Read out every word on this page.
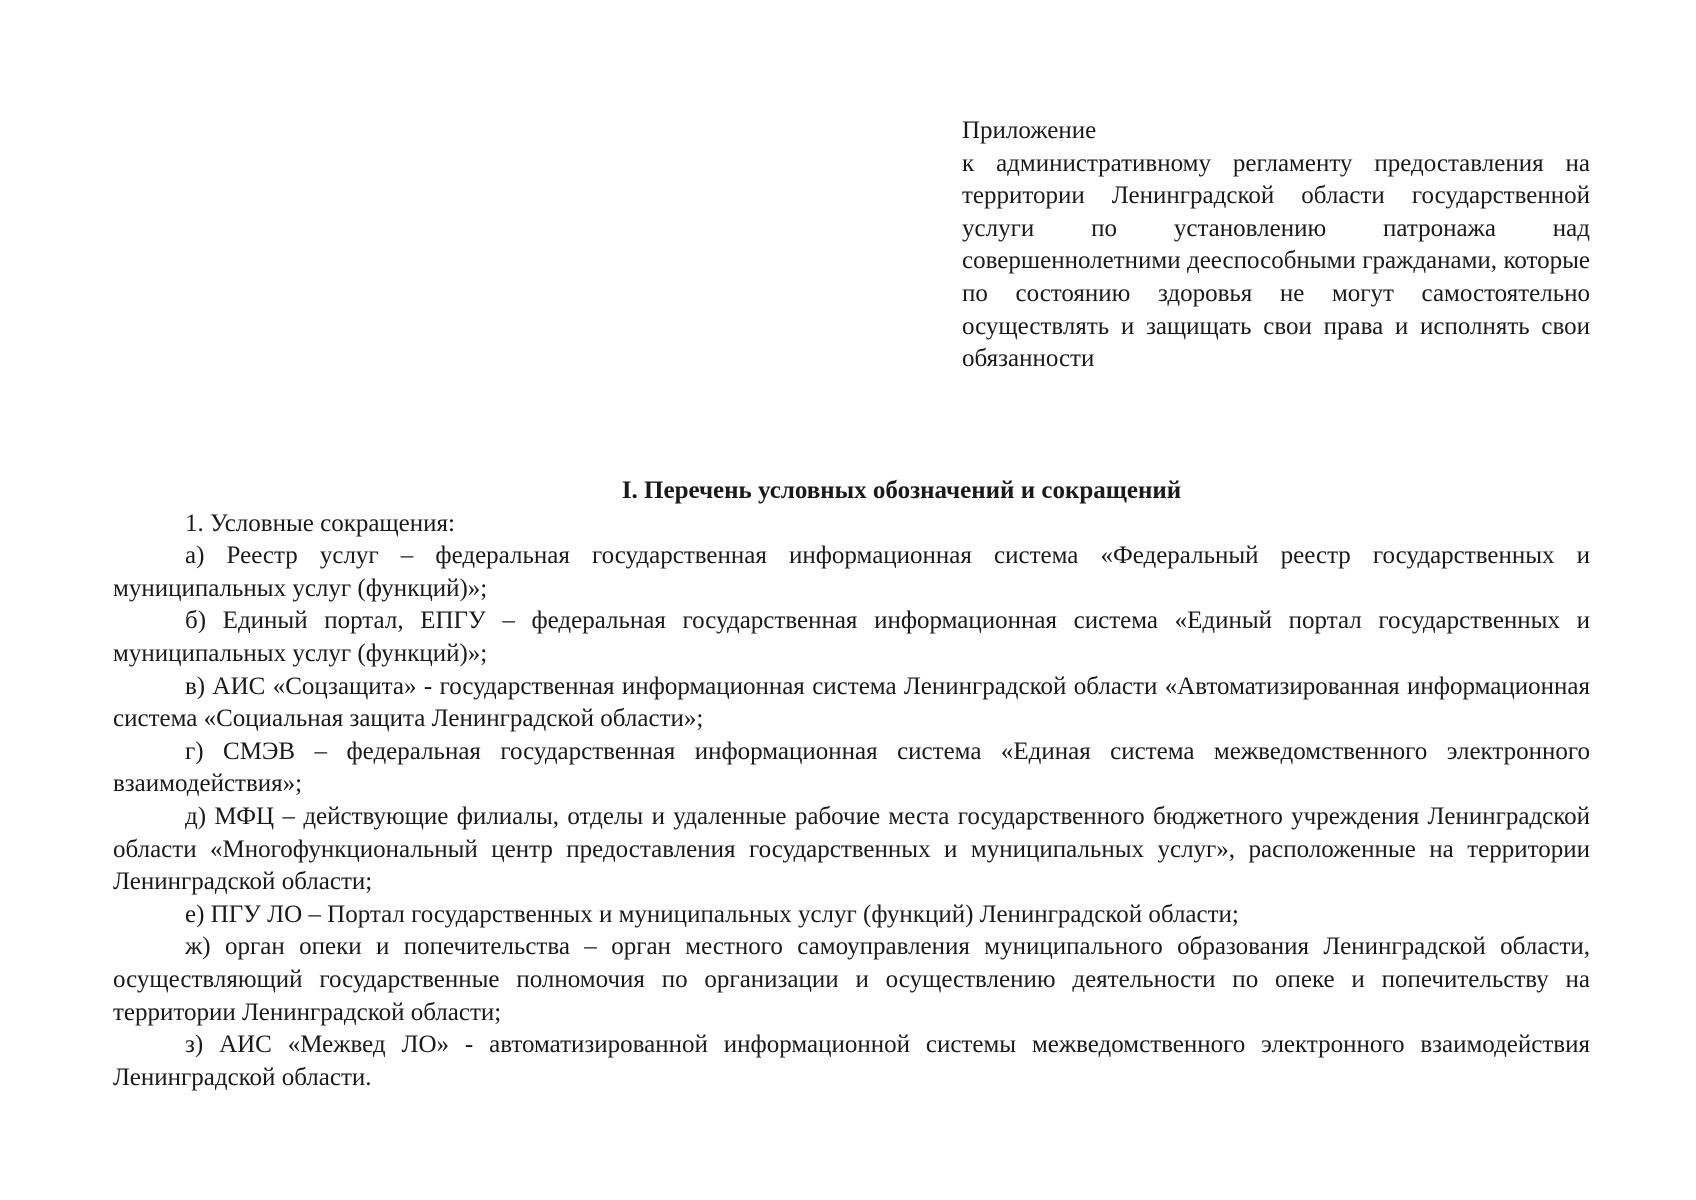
Приложение
к административному регламенту предоставления на территории Ленинградской области государственной услуги по установлению патронажа над совершеннолетними дееспособными гражданами, которые по состоянию здоровья не могут самостоятельно осуществлять и защищать свои права и исполнять свои обязанности

I. Перечень условных обозначений и сокращений

1. Условные сокращения:

а) Реестр услуг – федеральная государственная информационная система «Федеральный реестр государственных и муниципальных услуг (функций)»;

б) Единый портал, ЕПГУ – федеральная государственная информационная система «Единый портал государственных и муниципальных услуг (функций)»;

в) АИС «Соцзащита» - государственная информационная система Ленинградской области «Автоматизированная информационная система «Социальная защита Ленинградской области»;

г) СМЭВ – федеральная государственная информационная система «Единая система межведомственного электронного взаимодействия»;

д) МФЦ – действующие филиалы, отделы и удаленные рабочие места государственного бюджетного учреждения Ленинградской области «Многофункциональный центр предоставления государственных и муниципальных услуг», расположенные на территории Ленинградской области;

е) ПГУ ЛО – Портал государственных и муниципальных услуг (функций) Ленинградской области;

ж) орган опеки и попечительства – орган местного самоуправления муниципального образования Ленинградской области, осуществляющий государственные полномочия по организации и осуществлению деятельности по опеке и попечительству на территории Ленинградской области;

з) АИС «Межвед ЛО» - автоматизированной информационной системы межведомственного электронного взаимодействия Ленинградской области.
